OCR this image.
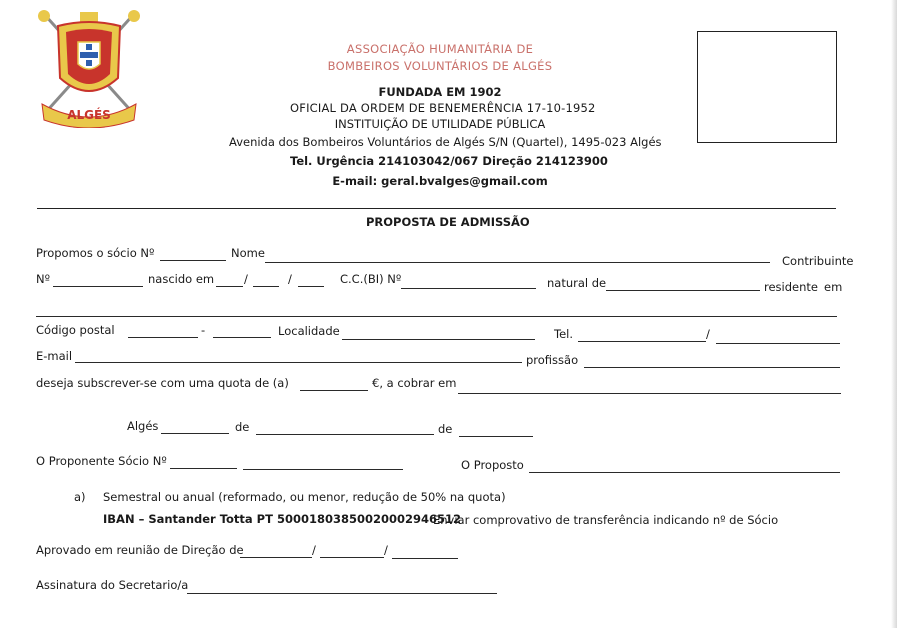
ALGÉS
ASSOCIAÇÃO HUMANITÁRIA DE
BOMBEIROS VOLUNTÁRIOS DE ALGÉS
FUNDADA EM 1902
OFICIAL DA ORDEM DE BENEMERÊNCIA 17-10-1952
INSTITUIÇÃO DE UTILIDADE PÚBLICA
Avenida dos Bombeiros Voluntários de Algés S/N (Quartel), 1495-023 Algés
Tel. Urgência 214103042/067 Direção 214123900
E-mail: geral.bvalges@gmail.com
PROPOSTA DE ADMISSÃO
Propomos o sócio Nº	Nome
Contribuinte
Nº	nascido em	/	/	C.C.(BI) Nº	natural de	residente em
Código postal	-	Localidade	Tel.	/
E-mail	profissão
deseja subscrever-se com uma quota de (a)	€, a cobrar em
Algés	de	de
O Proponente Sócio Nº	O Proposto
a) Semestral ou anual (reformado, ou menor, redução de 50% na quota)
IBAN – Santander Totta PT 50001803850020002946512
Enviar comprovativo de transferência indicando nº de Sócio
Aprovado em reunião de Direção de	/	/
Assinatura do Secretario/a
